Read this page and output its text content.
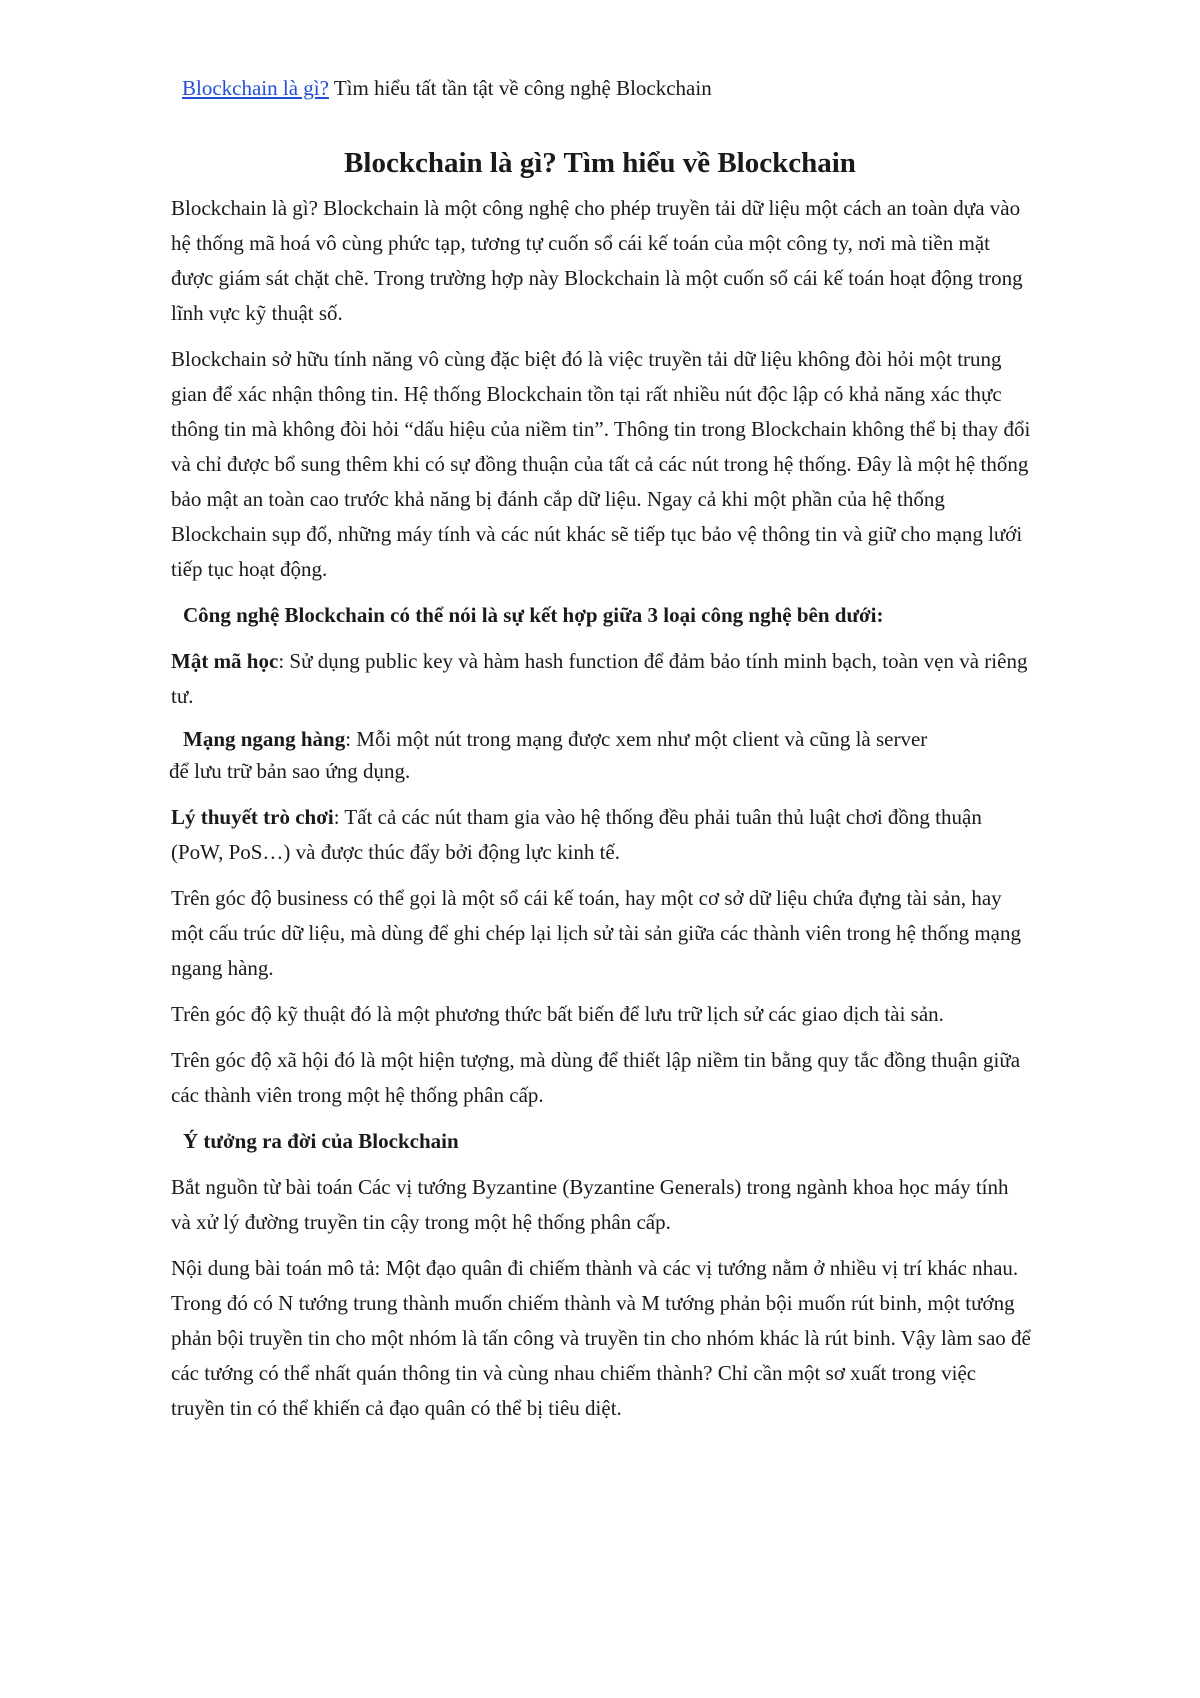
Blockchain là gì? Tìm hiểu tất tần tật về công nghệ Blockchain
Blockchain là gì? Tìm hiểu về Blockchain

Blockchain là gì? Blockchain là một công nghệ cho phép truyền tải dữ liệu một cách an toàn dựa vào hệ thống mã hoá vô cùng phức tạp, tương tự cuốn sổ cái kế toán của một công ty, nơi mà tiền mặt được giám sát chặt chẽ. Trong trường hợp này Blockchain là một cuốn sổ cái kế toán hoạt động trong lĩnh vực kỹ thuật số.

Blockchain sở hữu tính năng vô cùng đặc biệt đó là việc truyền tải dữ liệu không đòi hỏi một trung gian để xác nhận thông tin. Hệ thống Blockchain tồn tại rất nhiều nút độc lập có khả năng xác thực thông tin mà không đòi hỏi “dấu hiệu của niềm tin”. Thông tin trong Blockchain không thể bị thay đổi và chỉ được bổ sung thêm khi có sự đồng thuận của tất cả các nút trong hệ thống. Đây là một hệ thống bảo mật an toàn cao trước khả năng bị đánh cắp dữ liệu. Ngay cả khi một phần của hệ thống Blockchain sụp đổ, những máy tính và các nút khác sẽ tiếp tục bảo vệ thông tin và giữ cho mạng lưới tiếp tục hoạt động.

Công nghệ Blockchain có thể nói là sự kết hợp giữa 3 loại công nghệ bên dưới:

Mật mã học: Sử dụng public key và hàm hash function để đảm bảo tính minh bạch, toàn vẹn và riêng tư.

Mạng ngang hàng: Mỗi một nút trong mạng được xem như một client và cũng là server

để lưu trữ bản sao ứng dụng.

Lý thuyết trò chơi: Tất cả các nút tham gia vào hệ thống đều phải tuân thủ luật chơi đồng thuận (PoW, PoS…) và được thúc đẩy bởi động lực kinh tế.

Trên góc độ business có thể gọi là một sổ cái kế toán, hay một cơ sở dữ liệu chứa đựng tài sản, hay một cấu trúc dữ liệu, mà dùng để ghi chép lại lịch sử tài sản giữa các thành viên trong hệ thống mạng ngang hàng.

Trên góc độ kỹ thuật đó là một phương thức bất biến để lưu trữ lịch sử các giao dịch tài sản.

Trên góc độ xã hội đó là một hiện tượng, mà dùng để thiết lập niềm tin bằng quy tắc đồng thuận giữa các thành viên trong một hệ thống phân cấp.

Ý tưởng ra đời của Blockchain

Bắt nguồn từ bài toán Các vị tướng Byzantine (Byzantine Generals) trong ngành khoa học máy tính và xử lý đường truyền tin cậy trong một hệ thống phân cấp.

Nội dung bài toán mô tả: Một đạo quân đi chiếm thành và các vị tướng nằm ở nhiều vị trí khác nhau. Trong đó có N tướng trung thành muốn chiếm thành và M tướng phản bội muốn rút binh, một tướng phản bội truyền tin cho một nhóm là tấn công và truyền tin cho nhóm khác là rút binh. Vậy làm sao để các tướng có thể nhất quán thông tin và cùng nhau chiếm thành? Chỉ cần một sơ xuất trong việc truyền tin có thể khiến cả đạo quân có thể bị tiêu diệt.
